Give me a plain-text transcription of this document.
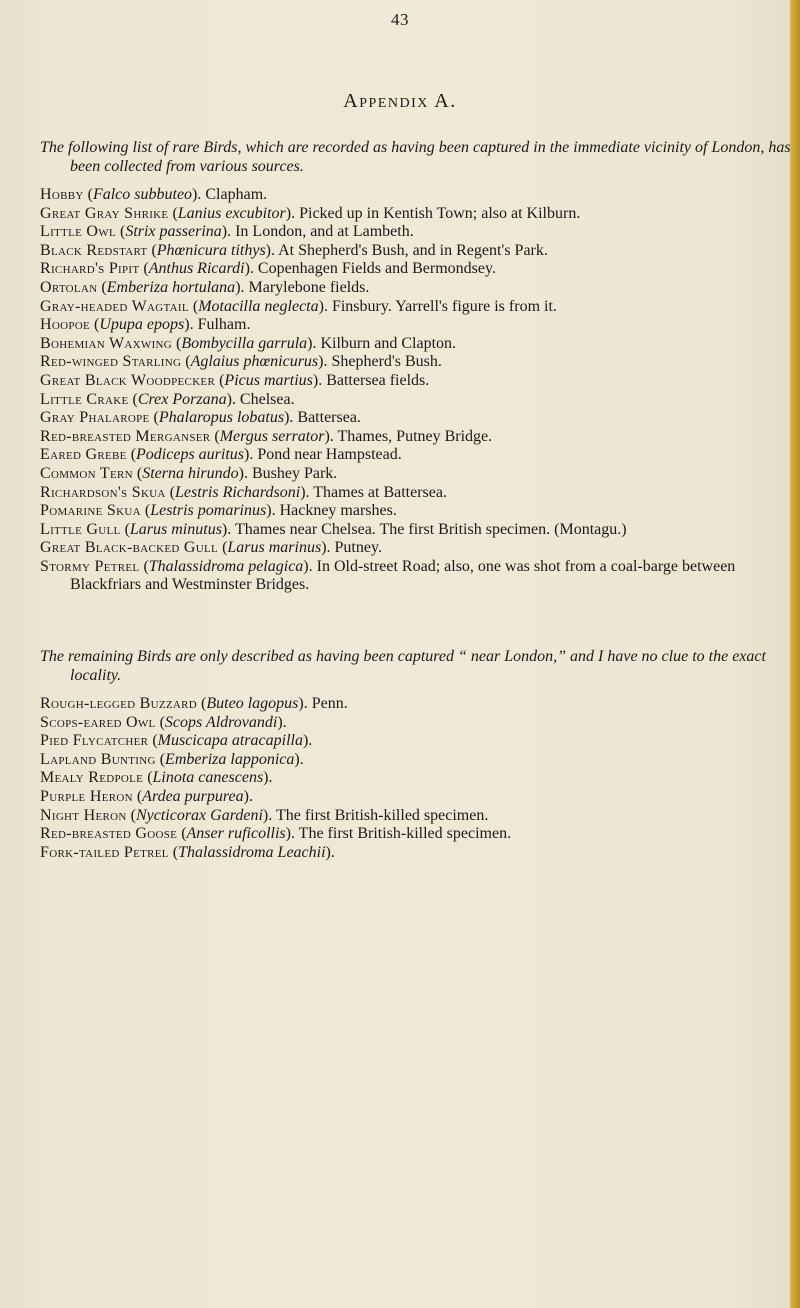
43
Appendix A.
The following list of rare Birds, which are recorded as having been captured in the immediate vicinity of London, has been collected from various sources.

Hobby (Falco subbuteo). Clapham.

Great Gray Shrike (Lanius excubitor). Picked up in Kentish Town; also at Kilburn.

Little Owl (Strix passerina). In London, and at Lambeth.

Black Redstart (Phœnicura tithys). At Shepherd's Bush, and in Regent's Park.

Richard's Pipit (Anthus Ricardi). Copenhagen Fields and Bermondsey.

Ortolan (Emberiza hortulana). Marylebone fields.

Gray-headed Wagtail (Motacilla neglecta). Finsbury. Yarrell's figure is from it.

Hoopoe (Upupa epops). Fulham.

Bohemian Waxwing (Bombycilla garrula). Kilburn and Clapton.

Red-winged Starling (Aglaius phœnicurus). Shepherd's Bush.

Great Black Woodpecker (Picus martius). Battersea fields.

Little Crake (Crex Porzana). Chelsea.

Gray Phalarope (Phalaropus lobatus). Battersea.

Red-breasted Merganser (Mergus serrator). Thames, Putney Bridge.

Eared Grebe (Podiceps auritus). Pond near Hampstead.

Common Tern (Sterna hirundo). Bushey Park.

Richardson's Skua (Lestris Richardsoni). Thames at Battersea.

Pomarine Skua (Lestris pomarinus). Hackney marshes.

Little Gull (Larus minutus). Thames near Chelsea. The first British specimen. (Montagu.)

Great Black-backed Gull (Larus marinus). Putney.

Stormy Petrel (Thalassidroma pelagica). In Old-street Road; also, one was shot from a coal-barge between Blackfriars and Westminster Bridges.

The remaining Birds are only described as having been captured “ near London,” and I have no clue to the exact locality.

Rough-legged Buzzard (Buteo lagopus). Penn.

Scops-eared Owl (Scops Aldrovandi).

Pied Flycatcher (Muscicapa atracapilla).

Lapland Bunting (Emberiza lapponica).

Mealy Redpole (Linota canescens).

Purple Heron (Ardea purpurea).

Night Heron (Nycticorax Gardeni). The first British-killed specimen.

Red-breasted Goose (Anser ruficollis). The first British-killed specimen.

Fork-tailed Petrel (Thalassidroma Leachii).
